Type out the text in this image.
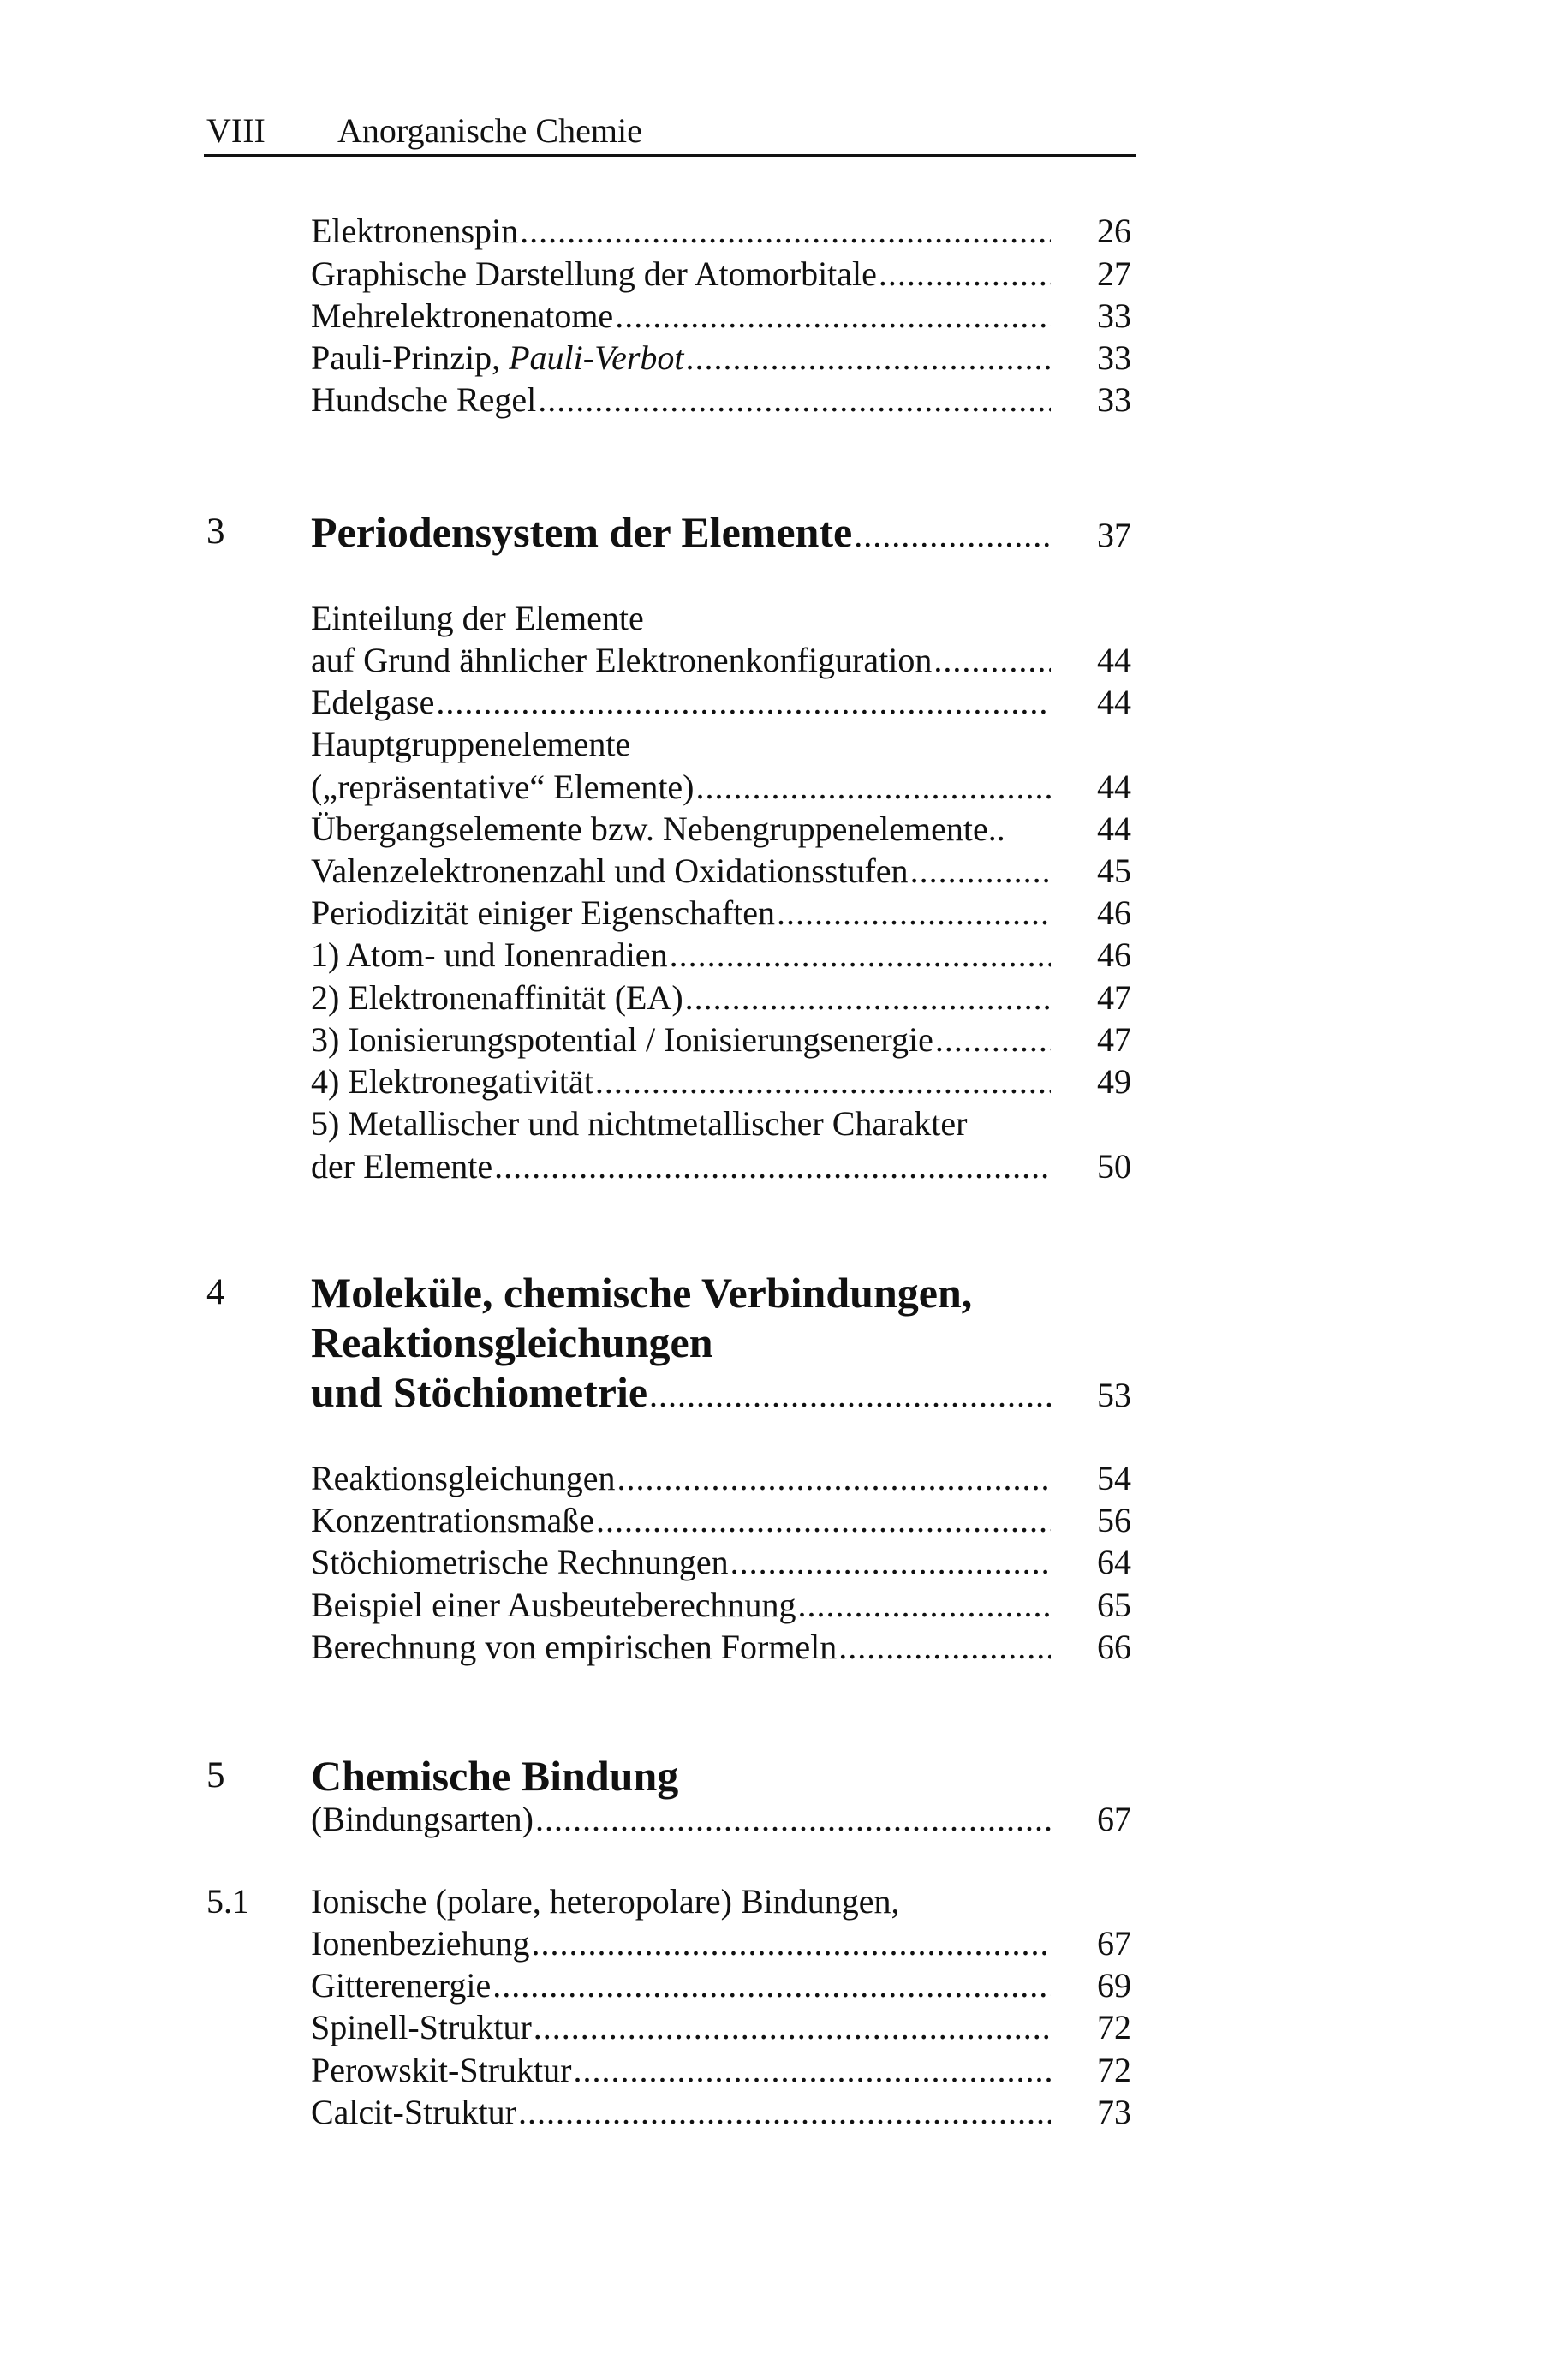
VIII Anorganische Chemie
Elektronenspin .....	26
Graphische Darstellung der Atomorbitale .....	27
Mehrelektronenatome .....	33
Pauli-Prinzip, Pauli-Verbot .....	33
Hundsche Regel .....	33
3 Periodensystem der Elemente .....	37
Einteilung der Elemente
auf Grund ähnlicher Elektronenkonfiguration .....	44
Edelgase .....	44
Hauptgruppenelemente
(„repräsentative“ Elemente) .....	44
Übergangselemente bzw. Nebengruppenelemente..	44
Valenzelektronenzahl und Oxidationsstufen .....	45
Periodizität einiger Eigenschaften .....	46
1) Atom- und Ionenradien .....	46
2) Elektronenaffinität (EA) .....	47
3) Ionisierungspotential / Ionisierungsenergie .....	47
4) Elektronegativität .....	49
5) Metallischer und nichtmetallischer Charakter
der Elemente .....	50
4 Moleküle, chemische Verbindungen,
Reaktionsgleichungen
und Stöchiometrie .....	53
Reaktionsgleichungen .....	54
Konzentrationsmaße .....	56
Stöchiometrische Rechnungen .....	64
Beispiel einer Ausbeuteberechnung .....	65
Berechnung von empirischen Formeln .....	66
5 Chemische Bindung
(Bindungsarten) .....	67
5.1 Ionische (polare, heteropolare) Bindungen,
Ionenbeziehung .....	67
Gitterenergie .....	69
Spinell-Struktur .....	72
Perowskit-Struktur .....	72
Calcit-Struktur .....	73
